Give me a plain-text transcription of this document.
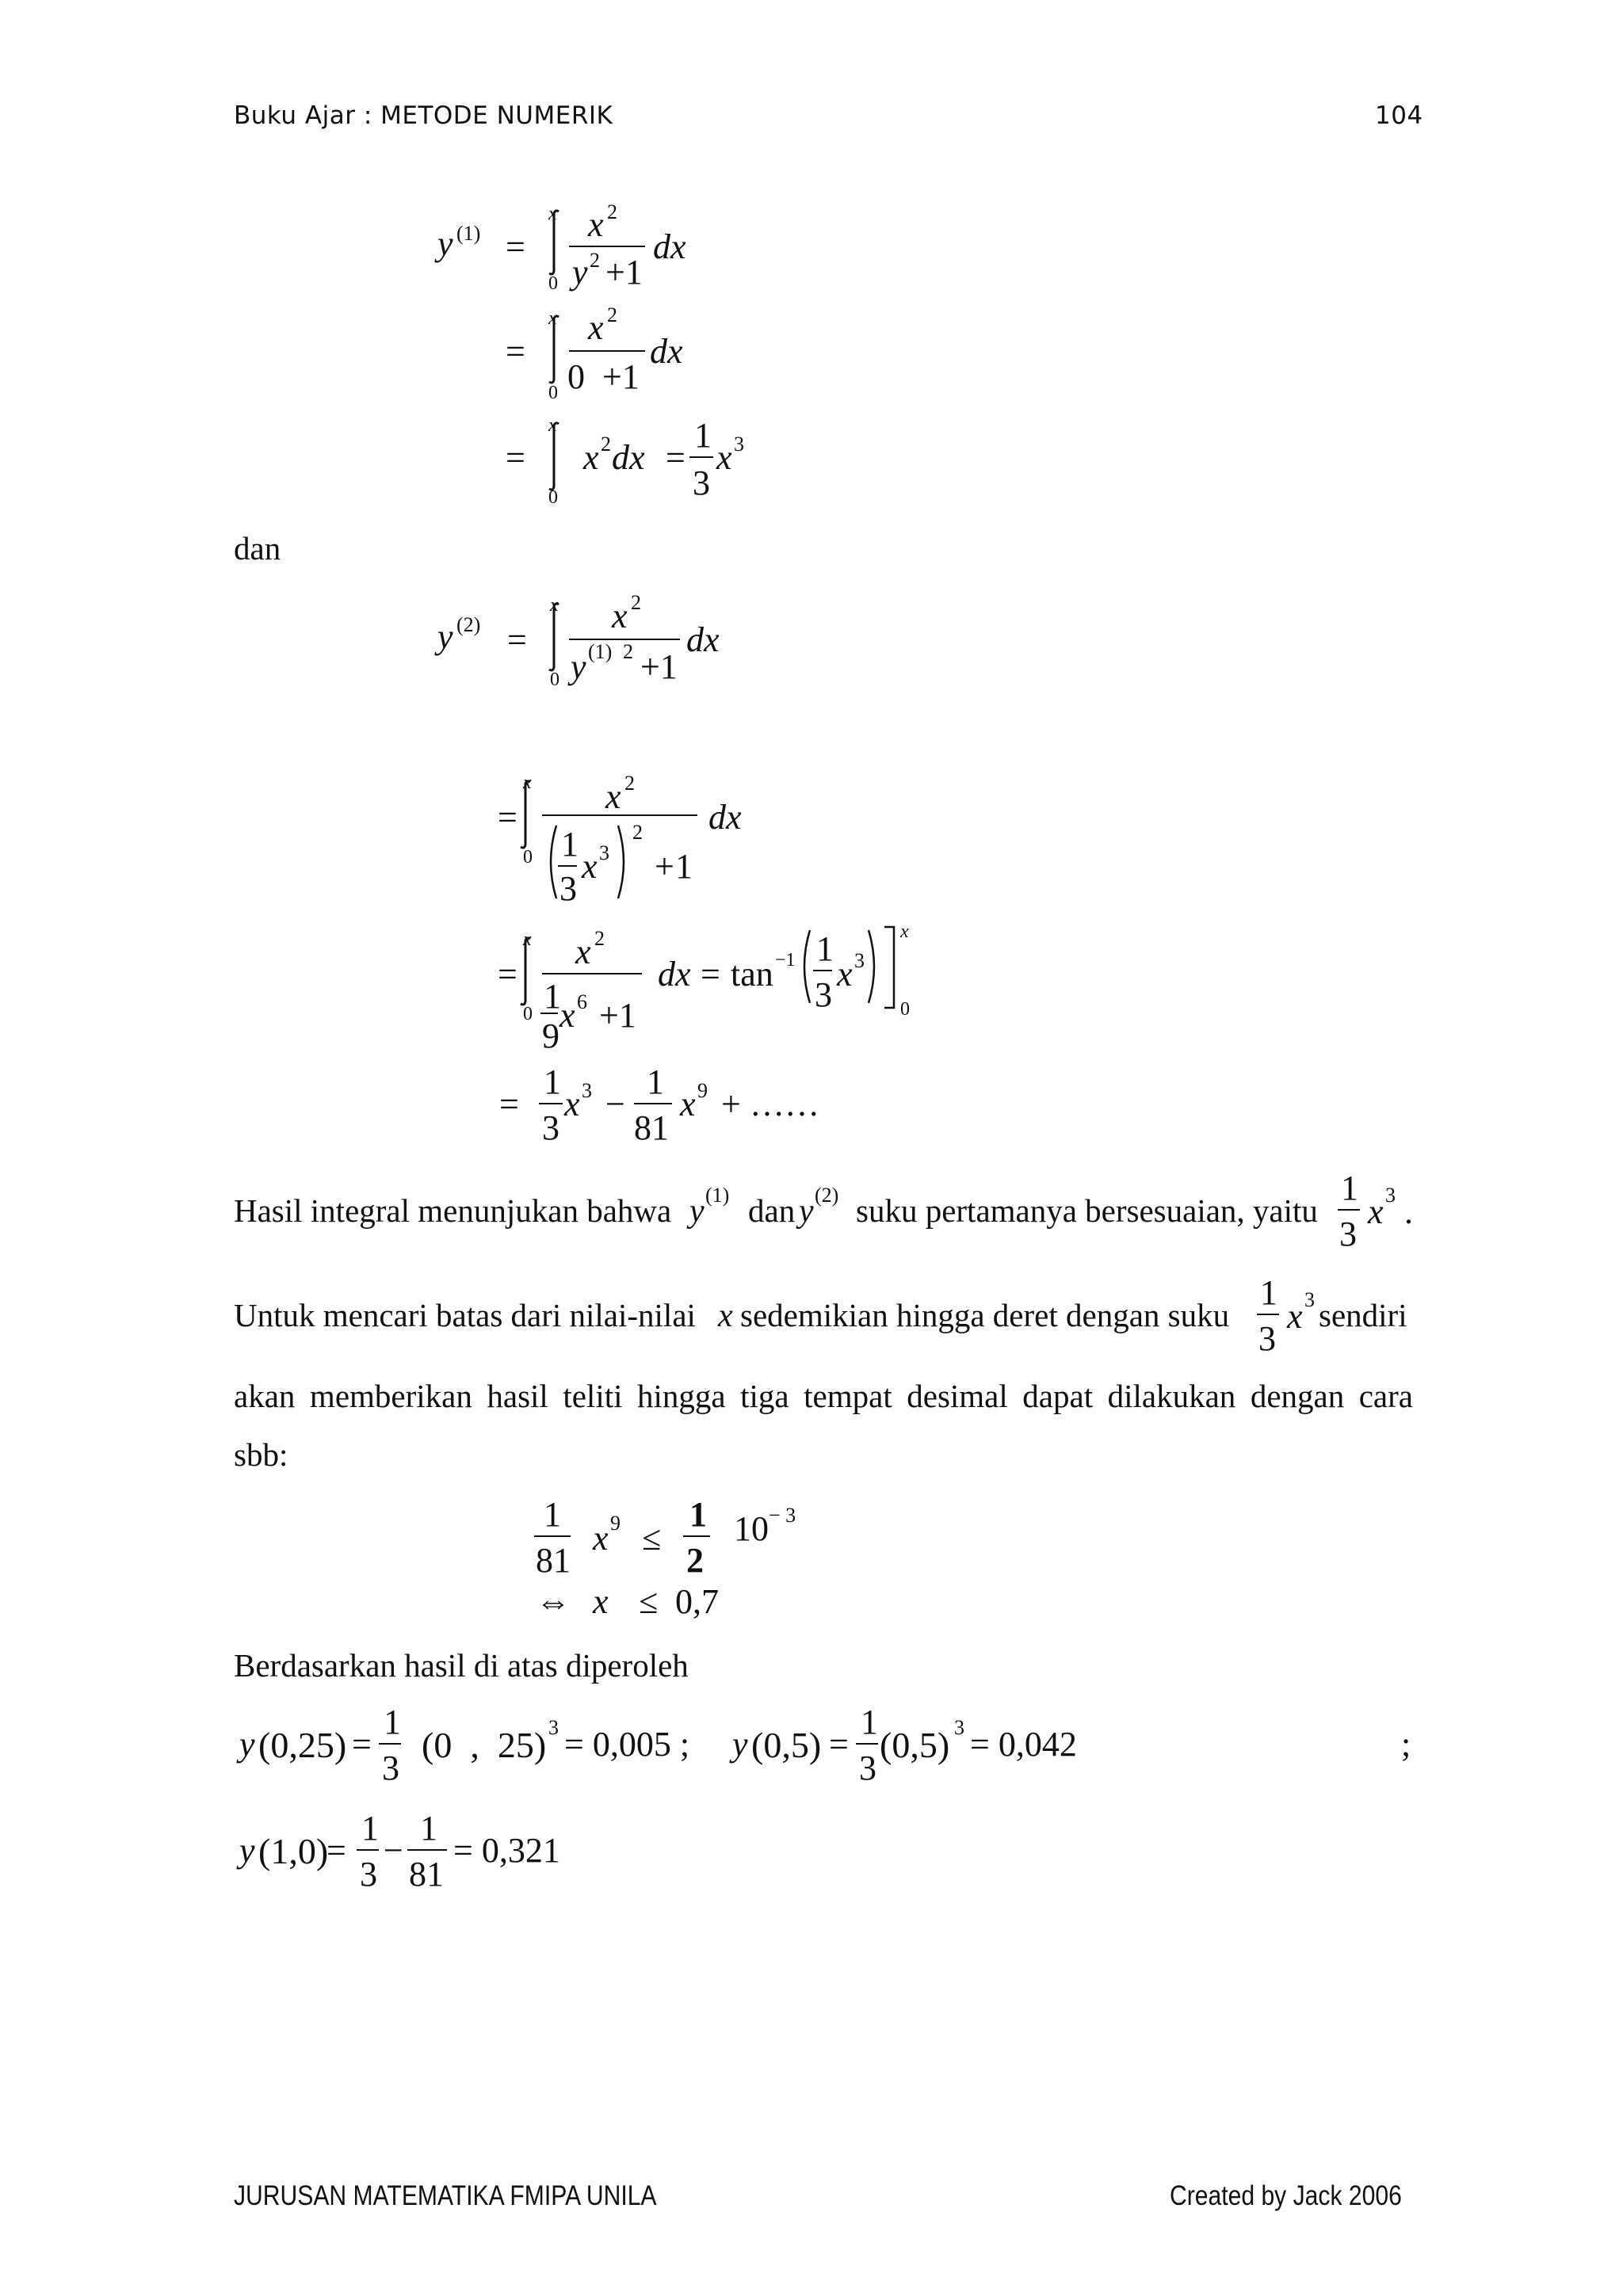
Buku Ajar : METODE NUMERIK	104
y (1) =
x
0
x 2
y 2 +1
dx
=
x
0
x 2
0  +1
dx
=
x
0
x 2 dx =
1
3
x 3
dan
y (2) =
x
0
x 2
y (1) 2 +1
dx
=
x
0
x 2
1
3
x 3
2
+ 1
dx
=
x
0
x 2
1
9
x 6 +1
dx = tan −1 1
3
x 3
x
0
=
1
3
x 3 −
1
81
x 9 + ……
Hasil integral menunjukan bahwa y (1) dan y (2) suku pertamanya bersesuaian, yaitu
1
3
x 3 .
Untuk mencari batas dari nilai-nilai x sedemikian hingga deret dengan suku
1
3
x 3 sendiri
akan memberikan hasil teliti hingga tiga tempat desimal dapat dilakukan dengan cara
sbb:
1
81
x 9 ≤
1
2
10 − 3
⇔ x ≤ 0,7
Berdasarkan hasil di atas diperoleh
y (0,25) =
1
3
(0  ,  25) 3 = 0,005 ; y (0,5) =
1
3
(0,5) 3 = 0,042	;
y (1,0)
=
1
3
−
1
81
= 0,321
JURUSAN MATEMATIKA FMIPA UNILA	Created by Jack 2006
